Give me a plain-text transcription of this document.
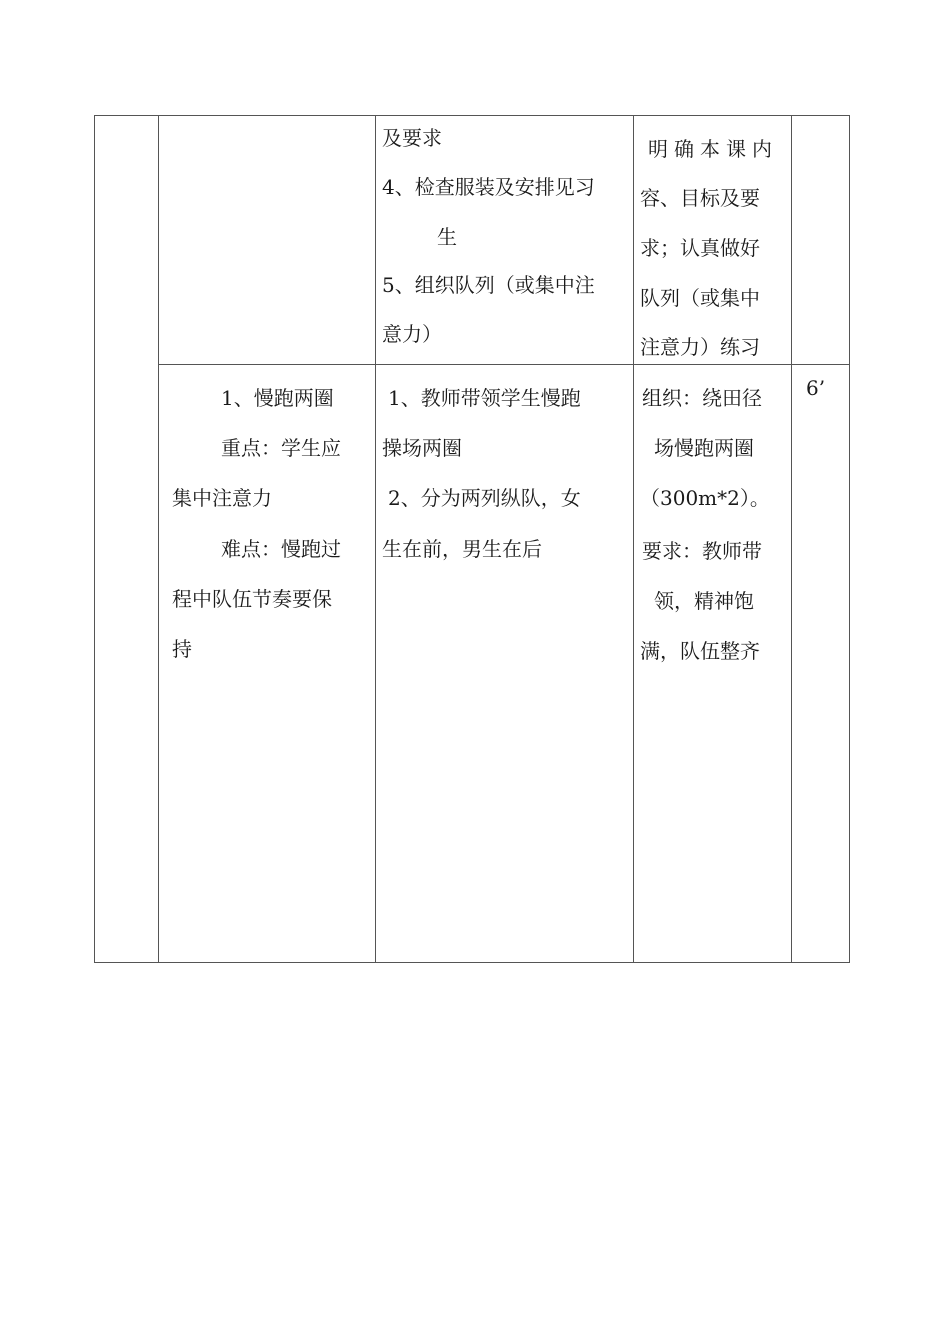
及要求
4、检查服装及安排见习
生
5、组织队列（或集中注
意力）
明确本课内
容、目标及要
求；认真做好
队列（或集中
注意力）练习
1、慢跑两圈
重点：学生应
集中注意力
难点：慢跑过
程中队伍节奏要保
持
1、教师带领学生慢跑
操场两圈
2、分为两列纵队，女
生在前，男生在后
组织：绕田径
场慢跑两圈
（300m*2）。
要求：教师带
领，精神饱
满，队伍整齐
6’
